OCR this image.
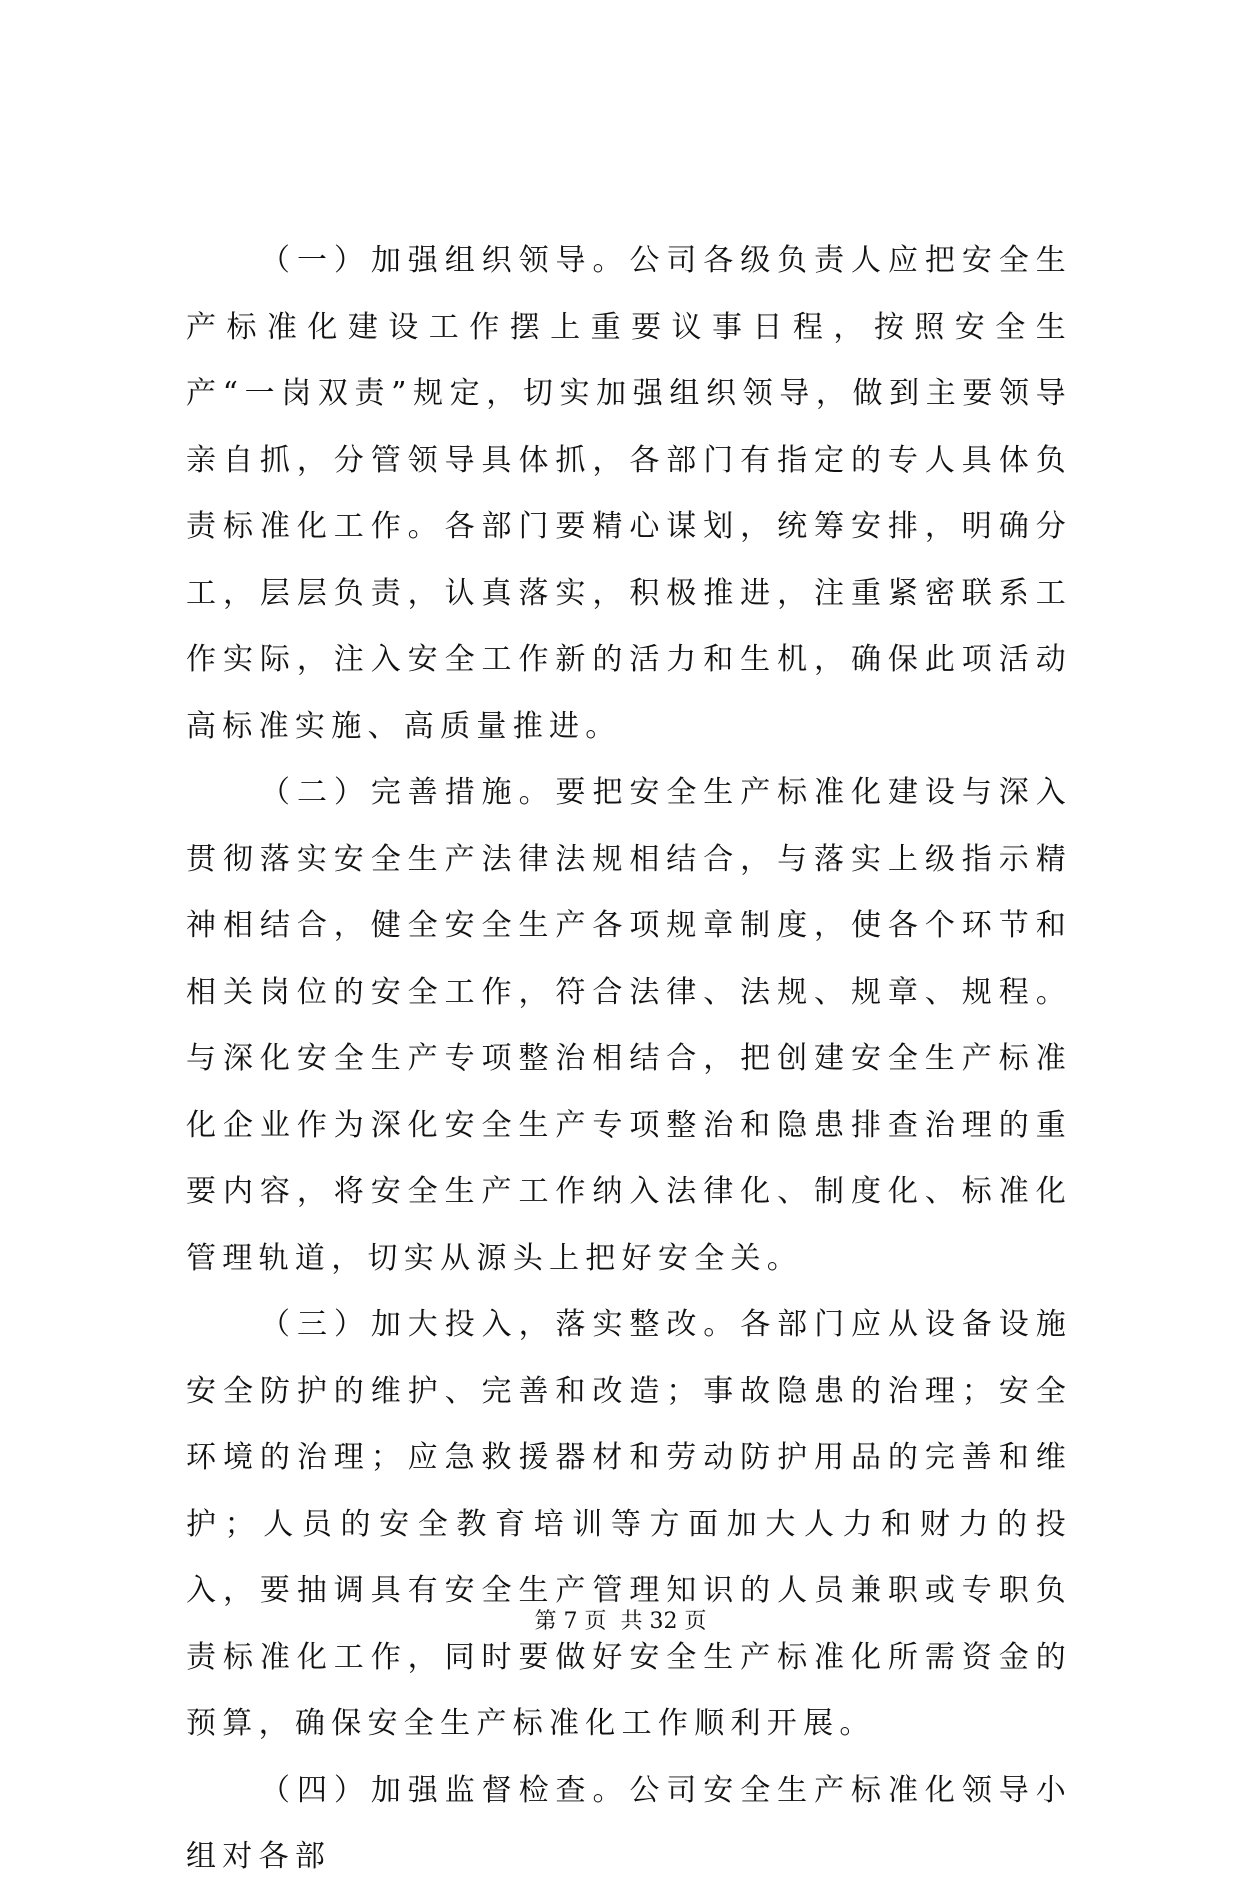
（一）加强组织领导。公司各级负责人应把安全生产标准化建设工作摆上重要议事日程，按照安全生产“一岗双责”规定，切实加强组织领导，做到主要领导亲自抓，分管领导具体抓，各部门有指定的专人具体负责标准化工作。各部门要精心谋划，统筹安排，明确分工，层层负责，认真落实，积极推进，注重紧密联系工作实际，注入安全工作新的活力和生机，确保此项活动高标准实施、高质量推进。

（二）完善措施。要把安全生产标准化建设与深入贯彻落实安全生产法律法规相结合，与落实上级指示精神相结合，健全安全生产各项规章制度，使各个环节和相关岗位的安全工作，符合法律、法规、规章、规程。与深化安全生产专项整治相结合，把创建安全生产标准化企业作为深化安全生产专项整治和隐患排查治理的重要内容，将安全生产工作纳入法律化、制度化、标准化管理轨道，切实从源头上把好安全关。

（三）加大投入，落实整改。各部门应从设备设施安全防护的维护、完善和改造；事故隐患的治理；安全环境的治理；应急救援器材和劳动防护用品的完善和维护；人员的安全教育培训等方面加大人力和财力的投入，要抽调具有安全生产管理知识的人员兼职或专职负责标准化工作，同时要做好安全生产标准化所需资金的预算，确保安全生产标准化工作顺利开展。

（四）加强监督检查。公司安全生产标准化领导小组对各部

第 7 页  共 32 页
